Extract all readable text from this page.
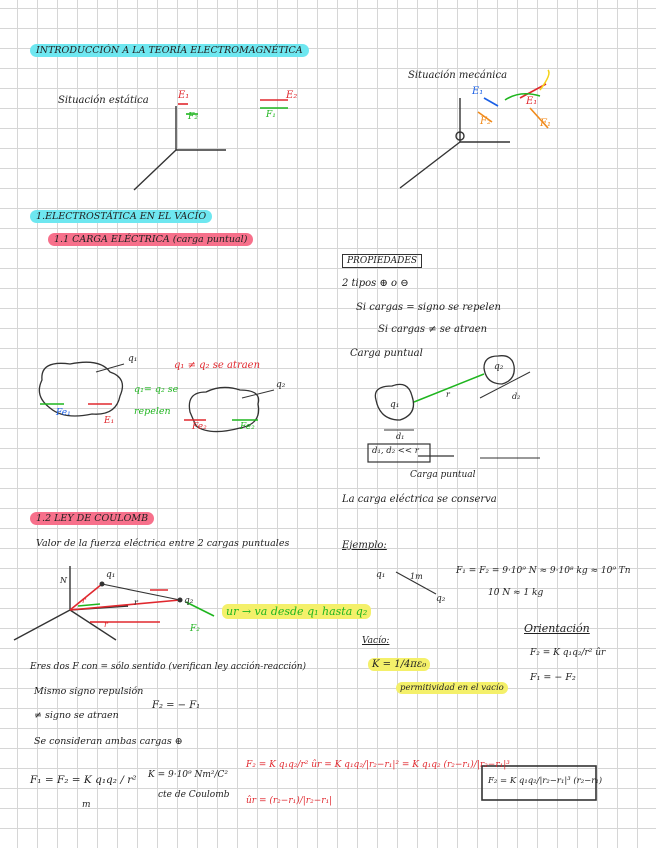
INTRODUCCIÓN A LA TEORÍA ELECTROMAGNÉTICA
Situación estática	E₁
F₂
E₂
F₁
Situación mecánica
E₁
F₂
E₁
F₁
1.ELECTROSTÁTICA EN EL VACÍO
1.1 CARGA ELÉCTRICA (carga puntual)
PROPIEDADES
2 tipos ⊕ o ⊖
Si cargas = signo se repelen
Si cargas ≠ se atraen
Carga puntual
d₁, d₂ << r
Carga puntual
La carga eléctrica se conserva
q₁
q₂
r
d₁
d₂
q₁ ≠ q₂ se atraen
q₁= q₂ se
repelen
q₁
q₂
E₁
Fe₁
Fe₂	Fe₂
1.2 LEY DE COULOMB
Valor de la fuerza eléctrica entre 2 cargas puntuales
q₁
q₂
r	r
r	F₂
N
ur → va desde q₁ hasta q₂
Eres dos F con = sólo sentido (verifican ley acción-reacción)
Mismo signo repulsión
≠ signo se atraen
F₂ = − F₁
Se consideran ambas cargas ⊕
F₁ = F₂ = K q₁q₂ / r² K = 9·10⁹ Nm²/C²
cte de Coulomb
m
F₂ = K q₁q₂/r² ûr = K q₁q₂/|r₂−r₁|² = K q₁q₂ (r₂−r₁)/|r₂−r₁|³
ûr = (r₂−r₁)/|r₂−r₁|
Ejemplo:
q₁
q₂
1m
F₁ = F₂ = 9·10⁹ N ≈ 9·10⁸ kg ≈ 10⁹ Tn
10 N ≈ 1 kg
Vacío:
K = 1/4πε₀
permitividad en el vacío
Orientación
F₂ = K q₁q₂/r² ûr
F₁ = − F₂
F₂ = K q₁q₂/|r₂−r₁|³ (r₂−r₁)
